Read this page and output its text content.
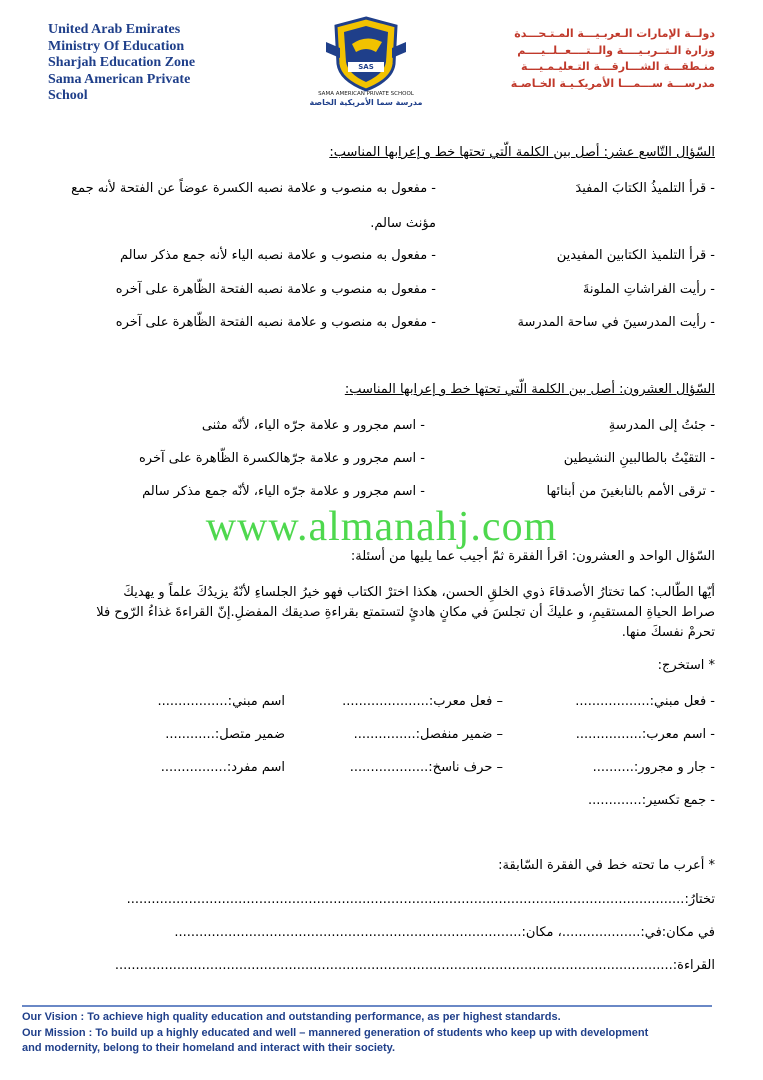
United Arab Emirates
Ministry Of Education
Sharjah Education Zone
Sama American Private
School
SAS
SAMA AMERICAN PRIVATE SCHOOL
مدرسة سما الأمريكية الخاصة
دولــة الإمارات الـعربـيـــة المـتـحـــدة
وزارة الـتــربـيــــة والــتــــعــلــيــــم
منـطقـــة الشـــارقـــة التـعليـمـيـــة
مدرســـة ســـمـــا الأمريكـيـة الخـاصـة
السّؤال التّاسع عشر: أصل بين الكلمة الّتي تحتها خط و إعرابها المناسب:
- قرأ التلميذُ الكتابَ المفيدَ
- مفعول به منصوب و علامة نصبه الكسرة عوضاً عن الفتحة لأنه جمع
مؤنث سالم.
- قرأ التلميذ الكتابين المفيدين
- مفعول به منصوب و علامة نصبه الياء لأنه جمع مذكر سالم
- رأيت الفراشاتِ الملونةَ
- مفعول به منصوب و علامة نصبه الفتحة الظّاهرة على آخره
- رأيت المدرسينَ في ساحة المدرسة
- مفعول به منصوب و علامة نصبه الفتحة الظّاهرة على آخره
السّؤال العشرون: أصل بين الكلمة الّتي تحتها خط و إعرابها المناسب:
- جئتُ إلى المدرسةِ
- اسم مجرور و علامة جرّه الياء، لأنّه مثنى
- التقيْتُ بالطالبينِ النشيطين
- اسم مجرور و علامة جرّهالكسرة الظّاهرة على آخره
- ترقى الأمم بالنابغينَ من أبنائها
- اسم مجرور و علامة جرّه الياء، لأنّه جمع مذكر سالم
www.almanahj.com
السّؤال الواحد و العشرون: اقرأ الفقرة ثمّ أجيب عما يليها من أسئلة:
أيّها الطّالب: كما تختارُ الأصدقاءَ ذوي الخلقِ الحسن، هكذا اخترْ الكتاب فهو خيرُ الجلساءِ لأنّهُ يزيدُكَ علماً و يهديكَ
صراط الحياةِ المستقيمِ، و عليكَ أن تجلسَ في مكانٍ هادئٍ لتستمتع بقراءةِ صديقك المفضلِ.إنّ القراءةَ غذاءُ الرّوح فلا
تحرمْ نفسكَ منها.
* استخرج:
- فعل مبني:..................
– فعل معرب:.....................
اسم مبني:.................
- اسم معرب:................
– ضمير منفصل:...............
ضمير متصل:............
- جار و مجرور:..........
– حرف ناسخ:...................
اسم مفرد:................
- جمع تكسير:.............
* أعرب ما تحته خط في الفقرة السّابقة:
تختارُ:.......................................................................................................................................
في مكان:في:...................، مكان:....................................................................................
القراءة:.......................................................................................................................................
Our Vision : To achieve high quality education and outstanding performance, as per highest standards.
Our Mission : To build up a highly educated and well – mannered generation of students who keep up with development
and modernity, belong to their homeland and interact with their society.
